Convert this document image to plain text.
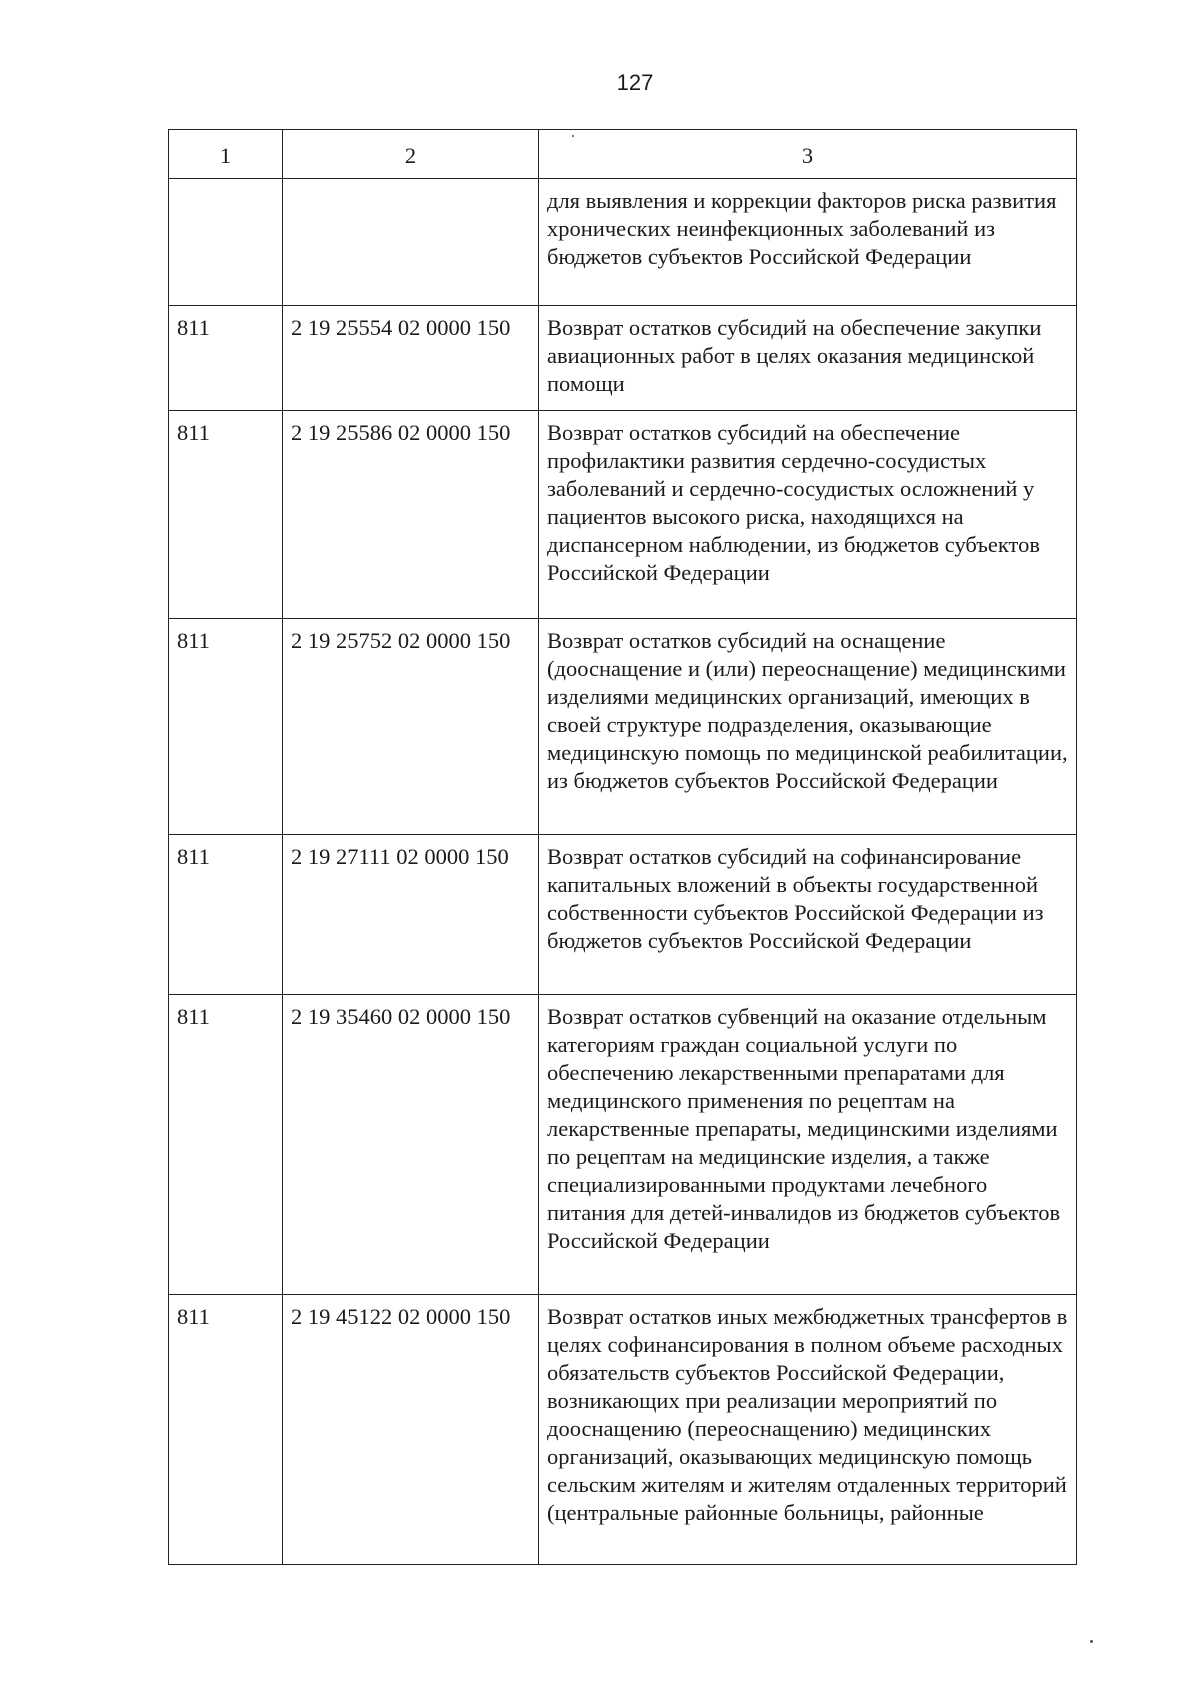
127
1	2	3
		для выявления и коррекции факторов риска развития хронических неинфекционных заболеваний из бюджетов субъектов Российской Федерации
811	2 19 25554 02 0000 150	Возврат остатков субсидий на обеспечение закупки авиационных работ в целях оказания медицинской помощи
811	2 19 25586 02 0000 150	Возврат остатков субсидий на обеспечение профилактики развития сердечно-сосудистых заболеваний и сердечно-сосудистых осложнений у пациентов высокого риска, находящихся на диспансерном наблюдении, из бюджетов субъектов Российской Федерации
811	2 19 25752 02 0000 150	Возврат остатков субсидий на оснащение (дооснащение и (или) переоснащение) медицинскими изделиями медицинских организаций, имеющих в своей структуре подразделения, оказывающие медицинскую помощь по медицинской реабилитации, из бюджетов субъектов Российской Федерации
811	2 19 27111 02 0000 150	Возврат остатков субсидий на софинансирование капитальных вложений в объекты государственной собственности субъектов Российской Федерации из бюджетов субъектов Российской Федерации
811	2 19 35460 02 0000 150	Возврат остатков субвенций на оказание отдельным категориям граждан социальной услуги по обеспечению лекарственными препаратами для медицинского применения по рецептам на лекарственные препараты, медицинскими изделиями по рецептам на медицинские изделия, а также специализированными продуктами лечебного питания для детей-инвалидов из бюджетов субъектов Российской Федерации
811	2 19 45122 02 0000 150	Возврат остатков иных межбюджетных трансфертов в целях софинансирования в полном объеме расходных обязательств субъектов Российской Федерации, возникающих при реализации мероприятий по дооснащению (переоснащению) медицинских организаций, оказывающих медицинскую помощь сельским жителям и жителям отдаленных территорий (центральные районные больницы, районные
